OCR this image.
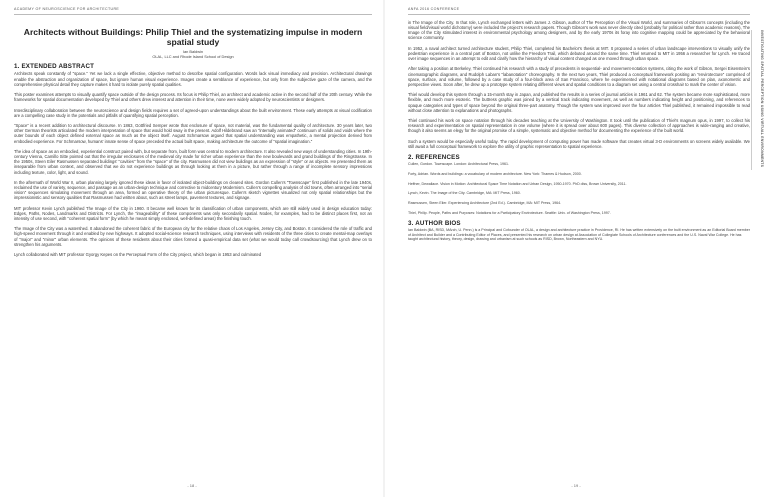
ACADEMY OF NEUROSCIENCE FOR ARCHITECTURE
Architects without Buildings: Philip Thiel and the systematizing impulse in modern spatial study
Ian Baldwin
OLAL, LLC and Rhode Island School of Design
1. EXTENDED ABSTRACT

Architects speak constantly of "space." Yet we lack a single effective, objective method to describe spatial configuration. Words lack visual immediacy and precision. Architectural drawings enable the abstraction and organization of space, but ignore human visual experience. Images create a semblance of experience, but only from the subjective gaze of the camera, and the comprehensive physical detail they capture makes it hard to isolate purely spatial qualities.

This poster examines attempts to visually quantify space outside of the design process. Its focus is Philip Thiel, an architect and academic active in the second half of the 20th century. While the frameworks for spatial documentation developed by Thiel and others drew interest and attention in their time, none were widely adopted by neuroscientists or designers.

Interdisciplinary collaboration between the neuroscience and design fields requires a set of agreed-upon understandings about the built environment. These early attempts at visual codification are a compelling case study in the potentials and pitfalls of quantifying spatial perception.

"Space" is a recent addition to architectural discourse. In 1863, Gottfried Semper wrote that enclosure of space, not material, was the fundamental quality of architecture. 30 years later, two other German theorists articulated the modern interpretation of space that would hold sway in the present. Adolf Hildebrand saw an "internally animated" continuum of solids and voids where the outer bounds of each object defined external space as much as the object itself. August Schmarsow argued that spatial understanding was empathetic, a mental projection derived from embodied experience. For Schmarsow, humans' innate sense of space preceded the actual built space, making architecture the outcome of "spatial imagination."

The idea of space as an embodied, experiential construct paired with, but separate from, built form was central to modern architecture. It also revealed new ways of understanding cities. In 19th-century Vienna, Camillo Sitte pointed out that the irregular enclosures of the medieval city made for richer urban experience than the new boulevards and grand buildings of the Ringstrasse. In the 1950s, Steen Eiler Rasmussen separated buildings' "cavities" from the "space" of the city. Rasmussen did not view buildings as an expression of "style" or as objects. He presented them as inseparable from urban context, and observed that we do not experience buildings as through looking at them in a picture, but rather through a range of incomplete sensory impressions including texture, color, light, and sound.

In the aftermath of World War II, urban planning largely ignored these ideas in favor of isolated object-buildings on cleared sites. Gordon Cullen's "Townscape" first published in the late 1940s, reclaimed the use of variety, sequence, and passage as an urban-design technique and corrective to midcentury Modernism. Cullen's compelling analysis of old towns, often arranged into "serial vision" sequences simulating movement through an area, formed an operative theory of the urban picturesque. Cullen's sketch vignettes visualized not only spatial relationships but the impressionistic and sensory qualities that Rasmussen had written about, such as street lamps, pavement textures, and signage.

MIT professor Kevin Lynch published The Image of the City in 1960. It became well known for its classification of urban components, which are still widely used in design education today: Edges, Paths, Nodes, Landmarks and Districts. For Lynch, the "imageability" of these components was only secondarily spatial. Nodes, for examples, had to be distinct places first, not an intensity of use second, with "coherent spatial form" (by which he meant simply enclosed, well-defined areas) the finishing touch.

The Image of the City was a watershed. It abandoned the coherent fabric of the European city for the relative chaos of Los Angeles, Jersey City, and Boston. It considered the role of traffic and high-speed movement through it and enabled by new highways. It adopted social-science research techniques, using interviews with residents of the three cities to create mental-map overlays of "major" and "minor" urban elements. The opinions of these residents about their cities formed a quasi-empirical data set (what we would today call crowdsourcing) that Lynch drew on to strengthen his arguments.

Lynch collaborated with MIT professor Gyorgy Kepes on the Perceptual Form of the City project, which began in 1953 and culminated

- 18 -
ANFA 2016 CONFERENCE

in The Image of the City. In that role, Lynch exchanged letters with James J. Gibson, author of The Perception of the Visual World, and summaries of Gibson's concepts (including the visual field/visual world dichotomy) were included the project's research papers. Though Gibson's work was never directly cited (probably for political rather than academic reasons), The Image of the City stimulated interest in environmental psychology among designers, and by the early 1970s its foray into cognitive mapping could be appreciated by the behavioral science community.

In 1952, a naval architect turned architecture student, Philip Thiel, completed his Bachelor's thesis at MIT. It proposed a series of urban landscape interventions to visually unify the pedestrian experience in a central part of Boston, not unlike the Freedom Trail, which debuted around the same time. Thiel returned to MIT in 1956 a researcher for Lynch. He traced over image sequences in an attempt to edit and clarify how the hierarchy of visual content changed as one moved through urban space.

After taking a position at Berkeley, Thiel continued his research with a study of precedents in sequential- and movement-notation systems, citing the work of Gibson, Sergei Eisenstein's cinematographic diagrams, and Rudolph Laban's "labanotation" choreography. In the next two years, Thiel produced a conceptual framework positing an "envirotecture" comprised of space, surface, and volume, followed by a case study of a four-block area of San Francisco, where he experimented with notational diagrams based on plan, axonometric and perspective views. Soon after, he drew up a prototype system relating different views and spatial conditions to a diagram set using a central crosshair to mark the center of vision.

Thiel would develop this system through a 15-month stay in Japan, and published the results in a series of journal articles in 1961 and 62. The system became more sophisticated, more flexible, and much more esoteric. The buttress graphic was joined by a vertical track indicating movement, as well as numbers indicating height and positioning, and references to opaque categories and types of space beyond the original three-part anatomy. Though the system was improved over the four articles Thiel published, it remained impossible to read without close attention to explanations and photographs.

Thiel continued his work on space notation through his decades teaching at the University of Washington. It took until the publication of Thiel's magnum opus, in 1997, to collect his research and experimentation on spatial representation in one volume (where it is spread over about 600 pages). This diverse collection of approaches is wide-ranging and creative, though it also seems an elegy for the original promise of a simple, systematic and objective method for documenting the experience of the built world.

Such a system would be especially useful today. The rapid development of computing power has made software that creates virtual 3-D environments on screens widely available. We still await a full conceptual framework to explore the utility of graphic representation to spatial experience.

2. REFERENCES

Cullen, Gordon. Townscape. London: Architectural Press, 1961.

Forty, Adrian. Words and buildings: a vocabulary of modern architecture. New York: Thames & Hudson, 2000.

Heffner, Dewallace. Vision in Motion: Architectural Space Time Notation and Urban Design, 1950-1970. PhD diss, Brown University, 2011.

Lynch, Kevin. The Image of the City. Cambridge, MA: MIT Press, 1960.

Rasmussen, Steen Eiler. Experiencing Architecture (2nd Ed.). Cambridge, MA: MIT Press, 1964.

Thiel, Philip. People, Paths and Purposes: Notations for a Participatory Envirotecture. Seattle: Univ. of Washington Press, 1997.

3. AUTHOR BIOS

Ian Baldwin (BA, RISD, MArch, U. Penn.) is a Principal and Cofounder of OLAL, a design and architecture practice in Providence, RI. He has written extensively on the built environment as an Editorial Board member of Architect and Builder and a Contributing Editor of Places, and presented his research on urban design at Association of Collegiate Schools of Architecture conferences and the U.S. Naval War College. He has taught architectural history, theory, design, drawing and urbanism at such schools as RISD, Brown, Northeastern and NYU.

INVESTIGATING SPATIAL PERCEPTION USING VIRTUAL ENVIRONMENTS
- 19 -
